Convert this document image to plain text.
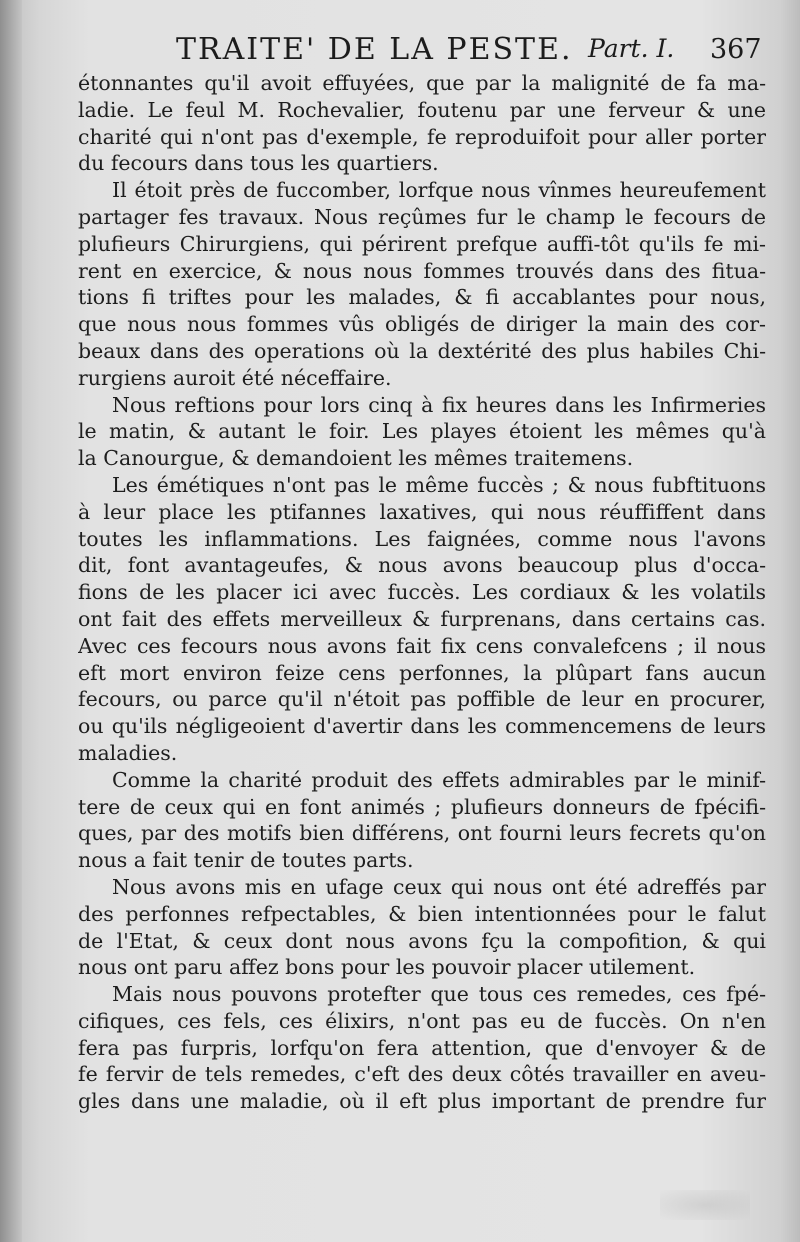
TRAITE' DE LA PESTE. Part. I. 367

étonnantes qu'il avoit effuyées, que par la malignité de fa ma-
ladie. Le feul M. Rochevalier, foutenu par une ferveur & une
charité qui n'ont pas d'exemple, fe reproduifoit pour aller porter
du fecours dans tous les quartiers.

Il étoit près de fuccomber, lorfque nous vînmes heureufement
partager fes travaux. Nous reçûmes fur le champ le fecours de
plufieurs Chirurgiens, qui périrent prefque auffi-tôt qu'ils fe mi-
rent en exercice, & nous nous fommes trouvés dans des fitua-
tions fi triftes pour les malades, & fi accablantes pour nous,
que nous nous fommes vûs obligés de diriger la main des cor-
beaux dans des operations où la dextérité des plus habiles Chi-
rurgiens auroit été néceffaire.

Nous reftions pour lors cinq à fix heures dans les Infirmeries
le matin, & autant le foir. Les playes étoient les mêmes qu'à
la Canourgue, & demandoient les mêmes traitemens.

Les émétiques n'ont pas le même fuccès ; & nous fubftituons
à leur place les ptifannes laxatives, qui nous réuffiffent dans
toutes les inflammations. Les faignées, comme nous l'avons
dit, font avantageufes, & nous avons beaucoup plus d'occa-
fions de les placer ici avec fuccès. Les cordiaux & les volatils
ont fait des effets merveilleux & furprenans, dans certains cas.
Avec ces fecours nous avons fait fix cens convalefcens ; il nous
eft mort environ feize cens perfonnes, la plûpart fans aucun
fecours, ou parce qu'il n'étoit pas poffible de leur en procurer,
ou qu'ils négligeoient d'avertir dans les commencemens de leurs
maladies.

Comme la charité produit des effets admirables par le minif-
tere de ceux qui en font animés ; plufieurs donneurs de fpécifi-
ques, par des motifs bien différens, ont fourni leurs fecrets qu'on
nous a fait tenir de toutes parts.

Nous avons mis en ufage ceux qui nous ont été adreffés par
des perfonnes refpectables, & bien intentionnées pour le falut
de l'Etat, & ceux dont nous avons fçu la compofition, & qui
nous ont paru affez bons pour les pouvoir placer utilement.

Mais nous pouvons protefter que tous ces remedes, ces fpé-
cifiques, ces fels, ces élixirs, n'ont pas eu de fuccès. On n'en
fera pas furpris, lorfqu'on fera attention, que d'envoyer & de
fe fervir de tels remedes, c'eft des deux côtés travailler en aveu-
gles dans une maladie, où il eft plus important de prendre fur
